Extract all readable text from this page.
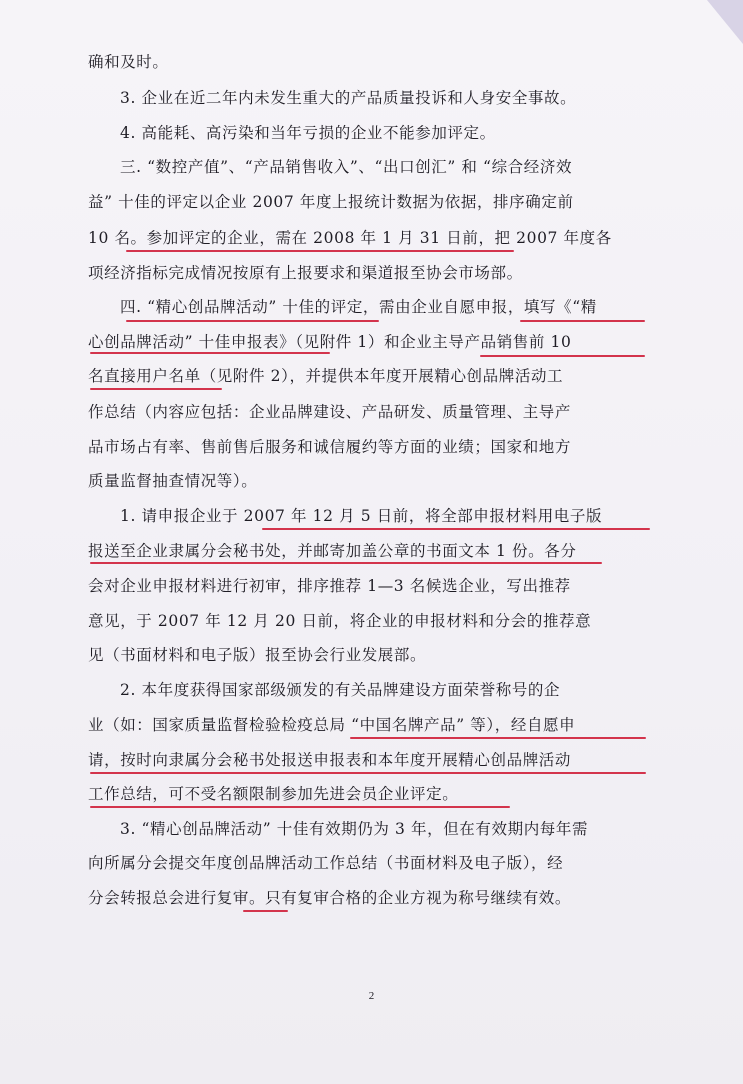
确和及时。
3. 企业在近二年内未发生重大的产品质量投诉和人身安全事故。
4. 高能耗、高污染和当年亏损的企业不能参加评定。
三. “数控产值”、“产品销售收入”、“出口创汇” 和 “综合经济效
益” 十佳的评定以企业 2007 年度上报统计数据为依据，排序确定前
10 名。参加评定的企业，需在 2008 年 1 月 31 日前，把 2007 年度各
项经济指标完成情况按原有上报要求和渠道报至协会市场部。
四. “精心创品牌活动” 十佳的评定，需由企业自愿申报，填写《“精
心创品牌活动” 十佳申报表》（见附件 1）和企业主导产品销售前 10
名直接用户名单（见附件 2），并提供本年度开展精心创品牌活动工
作总结（内容应包括：企业品牌建设、产品研发、质量管理、主导产
品市场占有率、售前售后服务和诚信履约等方面的业绩；国家和地方
质量监督抽查情况等）。
1. 请申报企业于 2007 年 12 月 5 日前，将全部申报材料用电子版
报送至企业隶属分会秘书处，并邮寄加盖公章的书面文本 1 份。各分
会对企业申报材料进行初审，排序推荐 1—3 名候选企业，写出推荐
意见，于 2007 年 12 月 20 日前，将企业的申报材料和分会的推荐意
见（书面材料和电子版）报至协会行业发展部。
2. 本年度获得国家部级颁发的有关品牌建设方面荣誉称号的企
业（如：国家质量监督检验检疫总局 “中国名牌产品” 等），经自愿申
请，按时向隶属分会秘书处报送申报表和本年度开展精心创品牌活动
工作总结，可不受名额限制参加先进会员企业评定。
3. “精心创品牌活动” 十佳有效期仍为 3 年，但在有效期内每年需
向所属分会提交年度创品牌活动工作总结（书面材料及电子版），经
分会转报总会进行复审。只有复审合格的企业方视为称号继续有效。
2
